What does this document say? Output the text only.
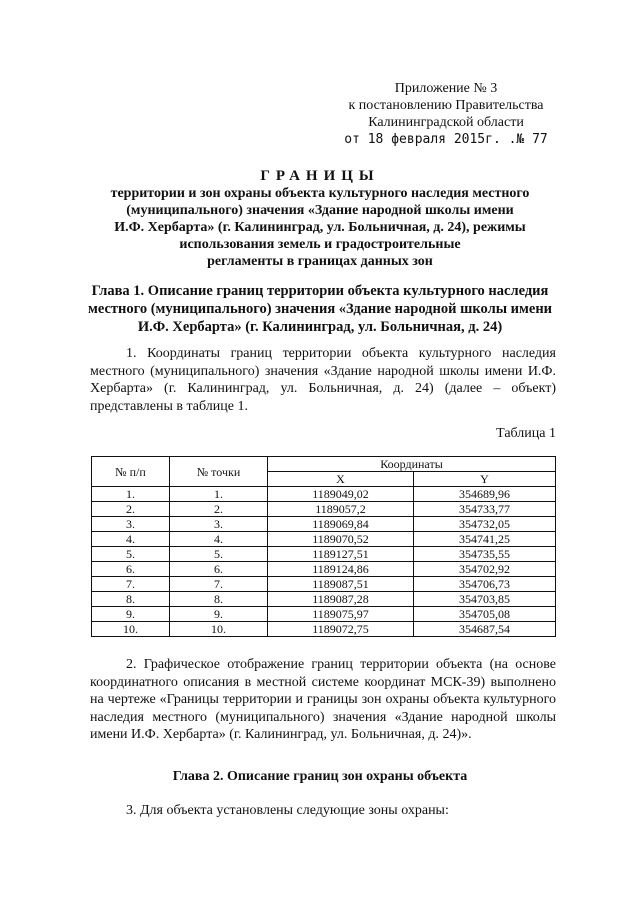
Приложение № 3
к постановлению Правительства
Калининградской области
от 18 февраля 2015г. .№ 77
ГРАНИЦЫ
территории и зон охраны объекта культурного наследия местного
(муниципального) значения «Здание народной школы имени
И.Ф. Хербарта» (г. Калининград, ул. Больничная, д. 24), режимы
использования земель и градостроительные
регламенты в границах данных зон
Глава 1. Описание границ территории объекта культурного наследия
местного (муниципального) значения «Здание народной школы имени
И.Ф. Хербарта» (г. Калининград, ул. Больничная, д. 24)
1. Координаты границ территории объекта культурного наследия местного (муниципального) значения «Здание народной школы имени И.Ф. Хербарта» (г. Калининград, ул. Больничная, д. 24) (далее – объект) представлены в таблице 1.
Таблица 1
№ п/п	№ точки	Координаты	
		X	Y
1.	1.	1189049,02	354689,96
2.	2.	1189057,2	354733,77
3.	3.	1189069,84	354732,05
4.	4.	1189070,52	354741,25
5.	5.	1189127,51	354735,55
6.	6.	1189124,86	354702,92
7.	7.	1189087,51	354706,73
8.	8.	1189087,28	354703,85
9.	9.	1189075,97	354705,08
10.	10.	1189072,75	354687,54
2. Графическое отображение границ территории объекта (на основе координатного описания в местной системе координат МСК-39) выполнено на чертеже «Границы территории и границы зон охраны объекта культурного наследия местного (муниципального) значения «Здание народной школы имени И.Ф. Хербарта» (г. Калининград, ул. Больничная, д. 24)».
Глава 2. Описание границ зон охраны объекта
3. Для объекта установлены следующие зоны охраны:
